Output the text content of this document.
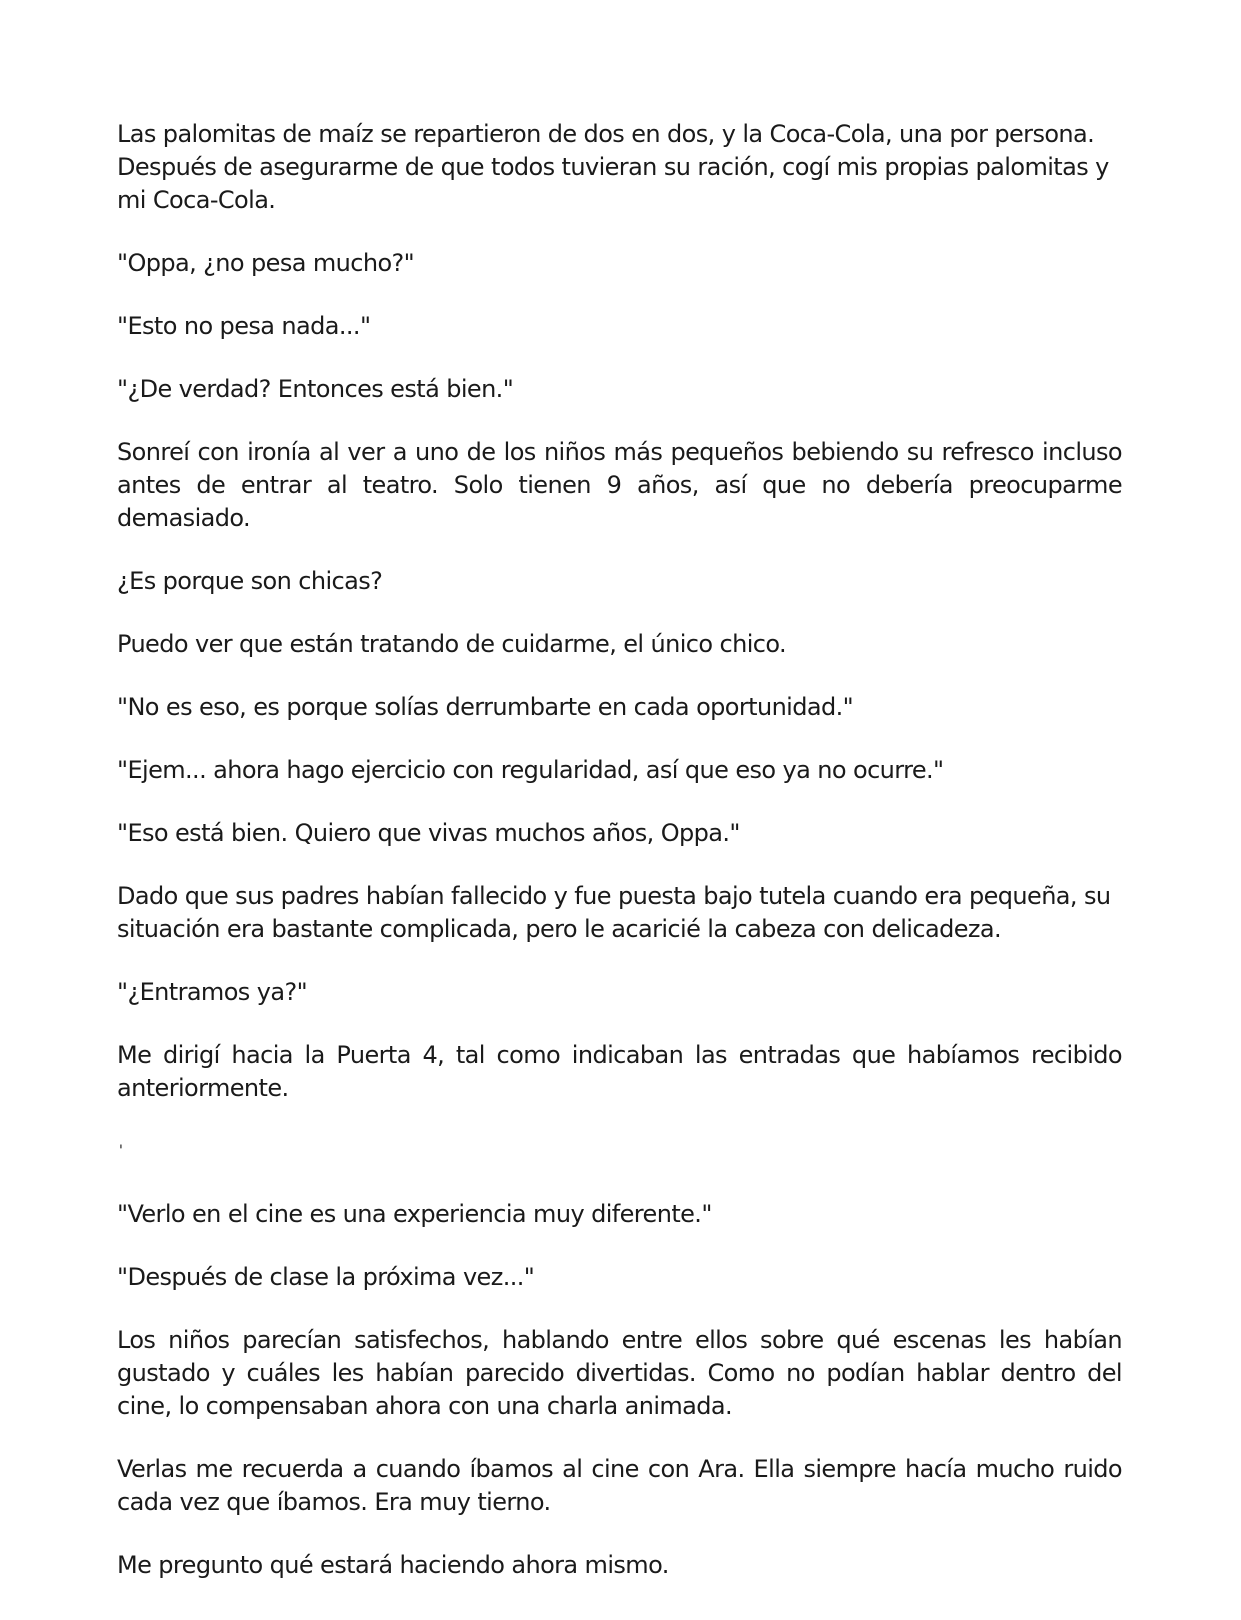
Las palomitas de maíz se repartieron de dos en dos, y la Coca-Cola, una por persona. Después de asegurarme de que todos tuvieran su ración, cogí mis propias palomitas y mi Coca-Cola.

"Oppa, ¿no pesa mucho?"

"Esto no pesa nada..."

"¿De verdad? Entonces está bien."

Sonreí con ironía al ver a uno de los niños más pequeños bebiendo su refresco incluso antes de entrar al teatro. Solo tienen 9 años, así que no debería preocuparme demasiado.

¿Es porque son chicas?

Puedo ver que están tratando de cuidarme, el único chico.

"No es eso, es porque solías derrumbarte en cada oportunidad."

"Ejem... ahora hago ejercicio con regularidad, así que eso ya no ocurre."

"Eso está bien. Quiero que vivas muchos años, Oppa."

Dado que sus padres habían fallecido y fue puesta bajo tutela cuando era pequeña, su situación era bastante complicada, pero le acaricié la cabeza con delicadeza.

"¿Entramos ya?"

Me dirigí hacia la Puerta 4, tal como indicaban las entradas que habíamos recibido anteriormente.

'

"Verlo en el cine es una experiencia muy diferente."

"Después de clase la próxima vez..."

Los niños parecían satisfechos, hablando entre ellos sobre qué escenas les habían gustado y cuáles les habían parecido divertidas. Como no podían hablar dentro del cine, lo compensaban ahora con una charla animada.

Verlas me recuerda a cuando íbamos al cine con Ara. Ella siempre hacía mucho ruido cada vez que íbamos. Era muy tierno.

Me pregunto qué estará haciendo ahora mismo.
